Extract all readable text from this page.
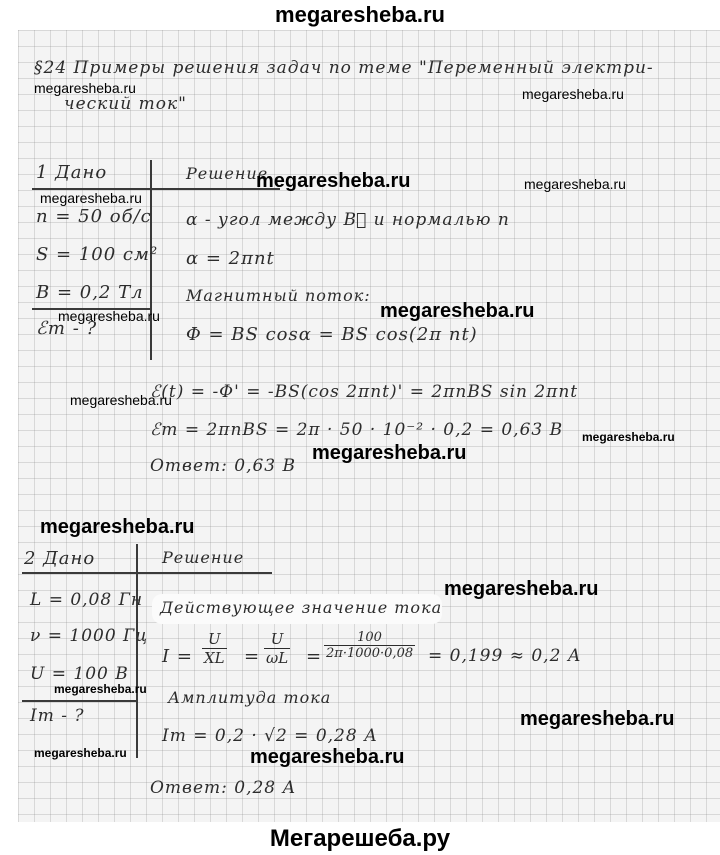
megaresheba.ru
§24 Примеры решения задач по теме "Переменный электри-
ческий ток"
1 Дано	Решение
n = 50 об/с
S = 100 см²
B = 0,2 Тл
ℰm - ?
α - угол между B⃗ и нормалью n
α = 2πnt
Магнитный поток:
Φ = BS cosα = BS cos(2π nt)
ℰ(t) = -Φ' = -BS(cos 2πnt)' = 2πnBS sin 2πnt
ℰm = 2πnBS = 2π · 50 · 10⁻² · 0,2 = 0,63 В
Ответ: 0,63 В
2 Дано	Решение
L = 0,08 Гн
ν = 1000 Гц
U = 100 В
Im - ?
Действующее значение тока
$I = \frac{U}{XL} = \frac{U}{\omega L} = \frac{100}{2\pi\cdot 1000\cdot 0,08} = 0,199 \approx 0,2$ А
Амплитуда тока
Im = 0,2 · √2 = 0,28 А
Ответ: 0,28 А
megaresheba.ru	megaresheba.ru
megaresheba.ru	megaresheba.ru
megaresheba.ru
megaresheba.ru
megaresheba.ru
megaresheba.ru
megaresheba.ru
megaresheba.ru
megaresheba.ru
megaresheba.ru
megaresheba.ru
megaresheba.ru
megaresheba.ru	megaresheba.ru
Мегарешеба.ру
